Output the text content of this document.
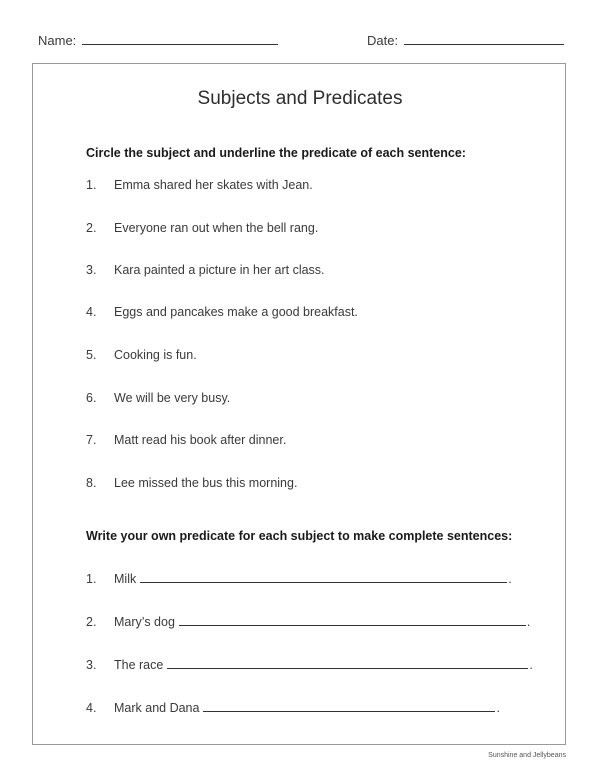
Name:	Date:
Subjects and Predicates
Circle the subject and underline the predicate of each sentence:
1. Emma shared her skates with Jean.
2. Everyone ran out when the bell rang.
3. Kara painted a picture in her art class.
4. Eggs and pancakes make a good breakfast.
5. Cooking is fun.
6. We will be very busy.
7. Matt read his book after dinner.
8. Lee missed the bus this morning.
Write your own predicate for each subject to make complete sentences:
1. Milk	.
2. Mary’s dog	.
3. The race	.
4. Mark and Dana	.
Sunshine and Jellybeans
